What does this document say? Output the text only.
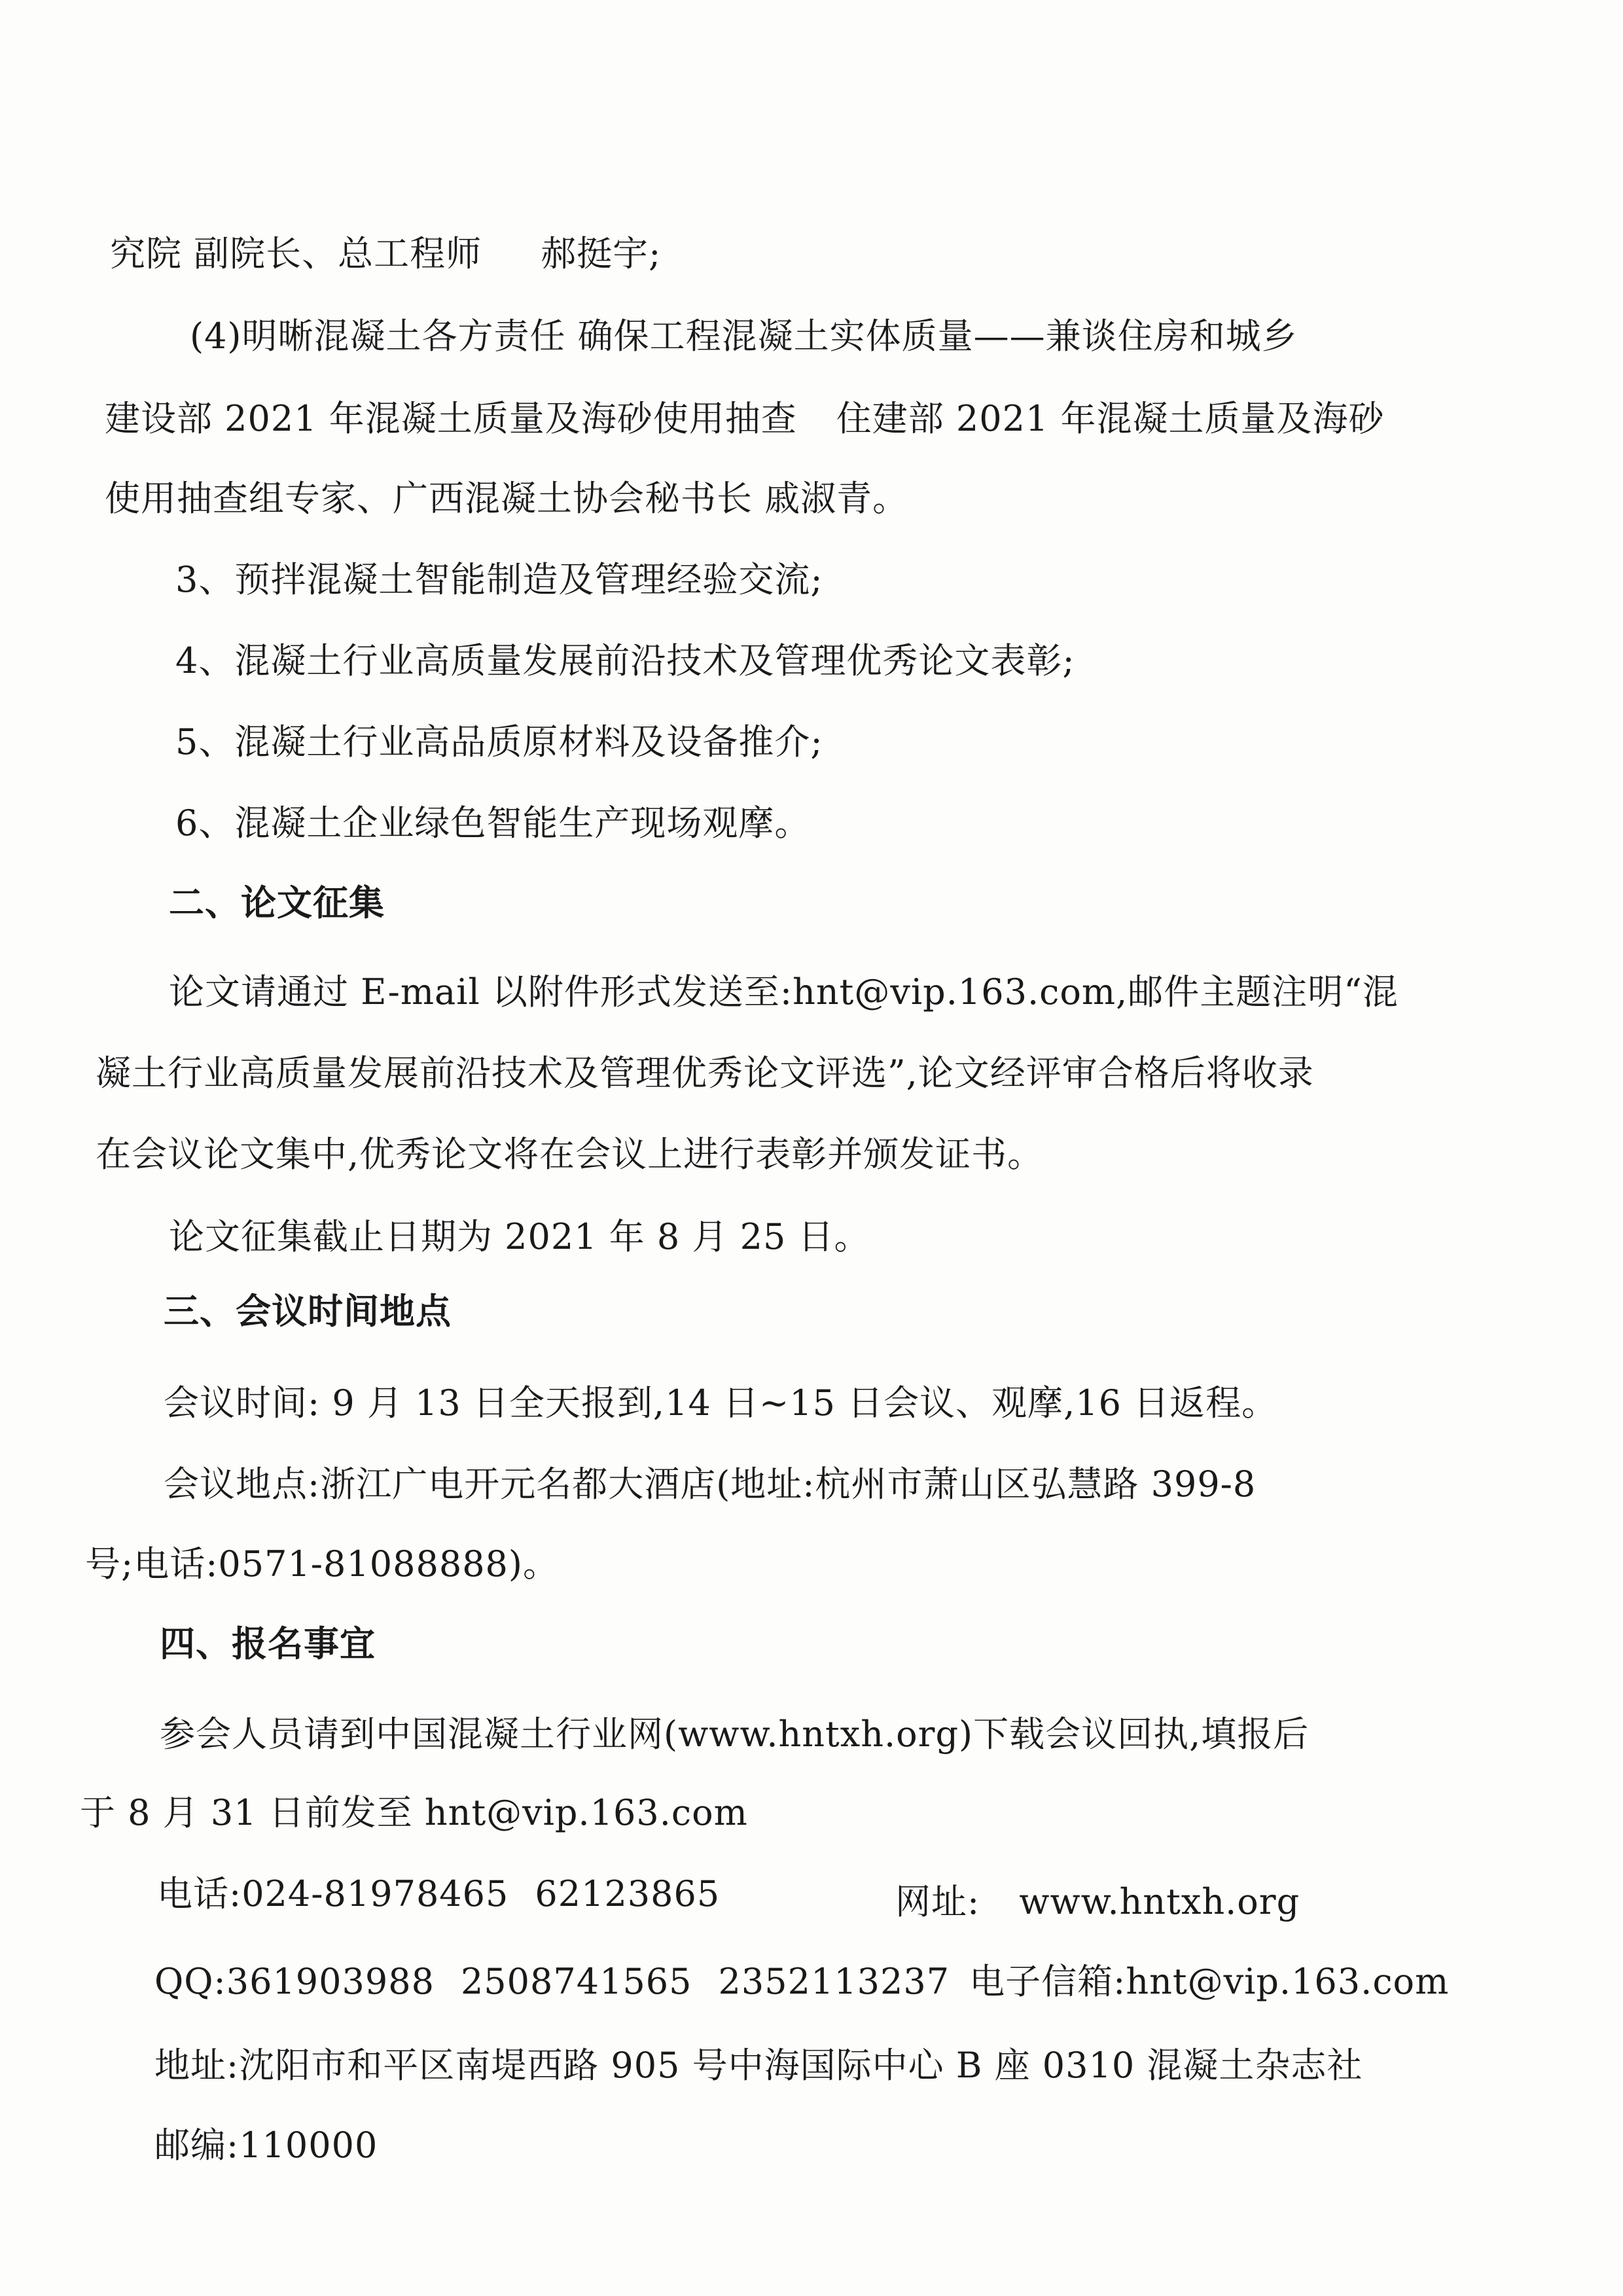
究院 副院长、总工程师 郝挺宇;
(4)明晰混凝土各方责任 确保工程混凝土实体质量——兼谈住房和城乡
建设部 2021 年混凝土质量及海砂使用抽查 住建部 2021 年混凝土质量及海砂
使用抽查组专家、广西混凝土协会秘书长 戚淑青。
3、预拌混凝土智能制造及管理经验交流;
4、混凝土行业高质量发展前沿技术及管理优秀论文表彰;
5、混凝土行业高品质原材料及设备推介;
6、混凝土企业绿色智能生产现场观摩。
二、论文征集
论文请通过 E-mail 以附件形式发送至:hnt@vip.163.com,邮件主题注明“混
凝土行业高质量发展前沿技术及管理优秀论文评选”,论文经评审合格后将收录
在会议论文集中,优秀论文将在会议上进行表彰并颁发证书。
论文征集截止日期为 2021 年 8 月 25 日。
三、会议时间地点
会议时间: 9 月 13 日全天报到,14 日~15 日会议、观摩,16 日返程。
会议地点:浙江广电开元名都大酒店(地址:杭州市萧山区弘慧路 399-8
号;电话:0571-81088888)。
四、报名事宜
参会人员请到中国混凝土行业网(www.hntxh.org)下载会议回执,填报后
于 8 月 31 日前发至 hnt@vip.163.com
电话:024-81978465 62123865	网址: www.hntxh.org
QQ:361903988 2508741565 2352113237 电子信箱:hnt@vip.163.com
地址:沈阳市和平区南堤西路 905 号中海国际中心 B 座 0310 混凝土杂志社
邮编:110000
